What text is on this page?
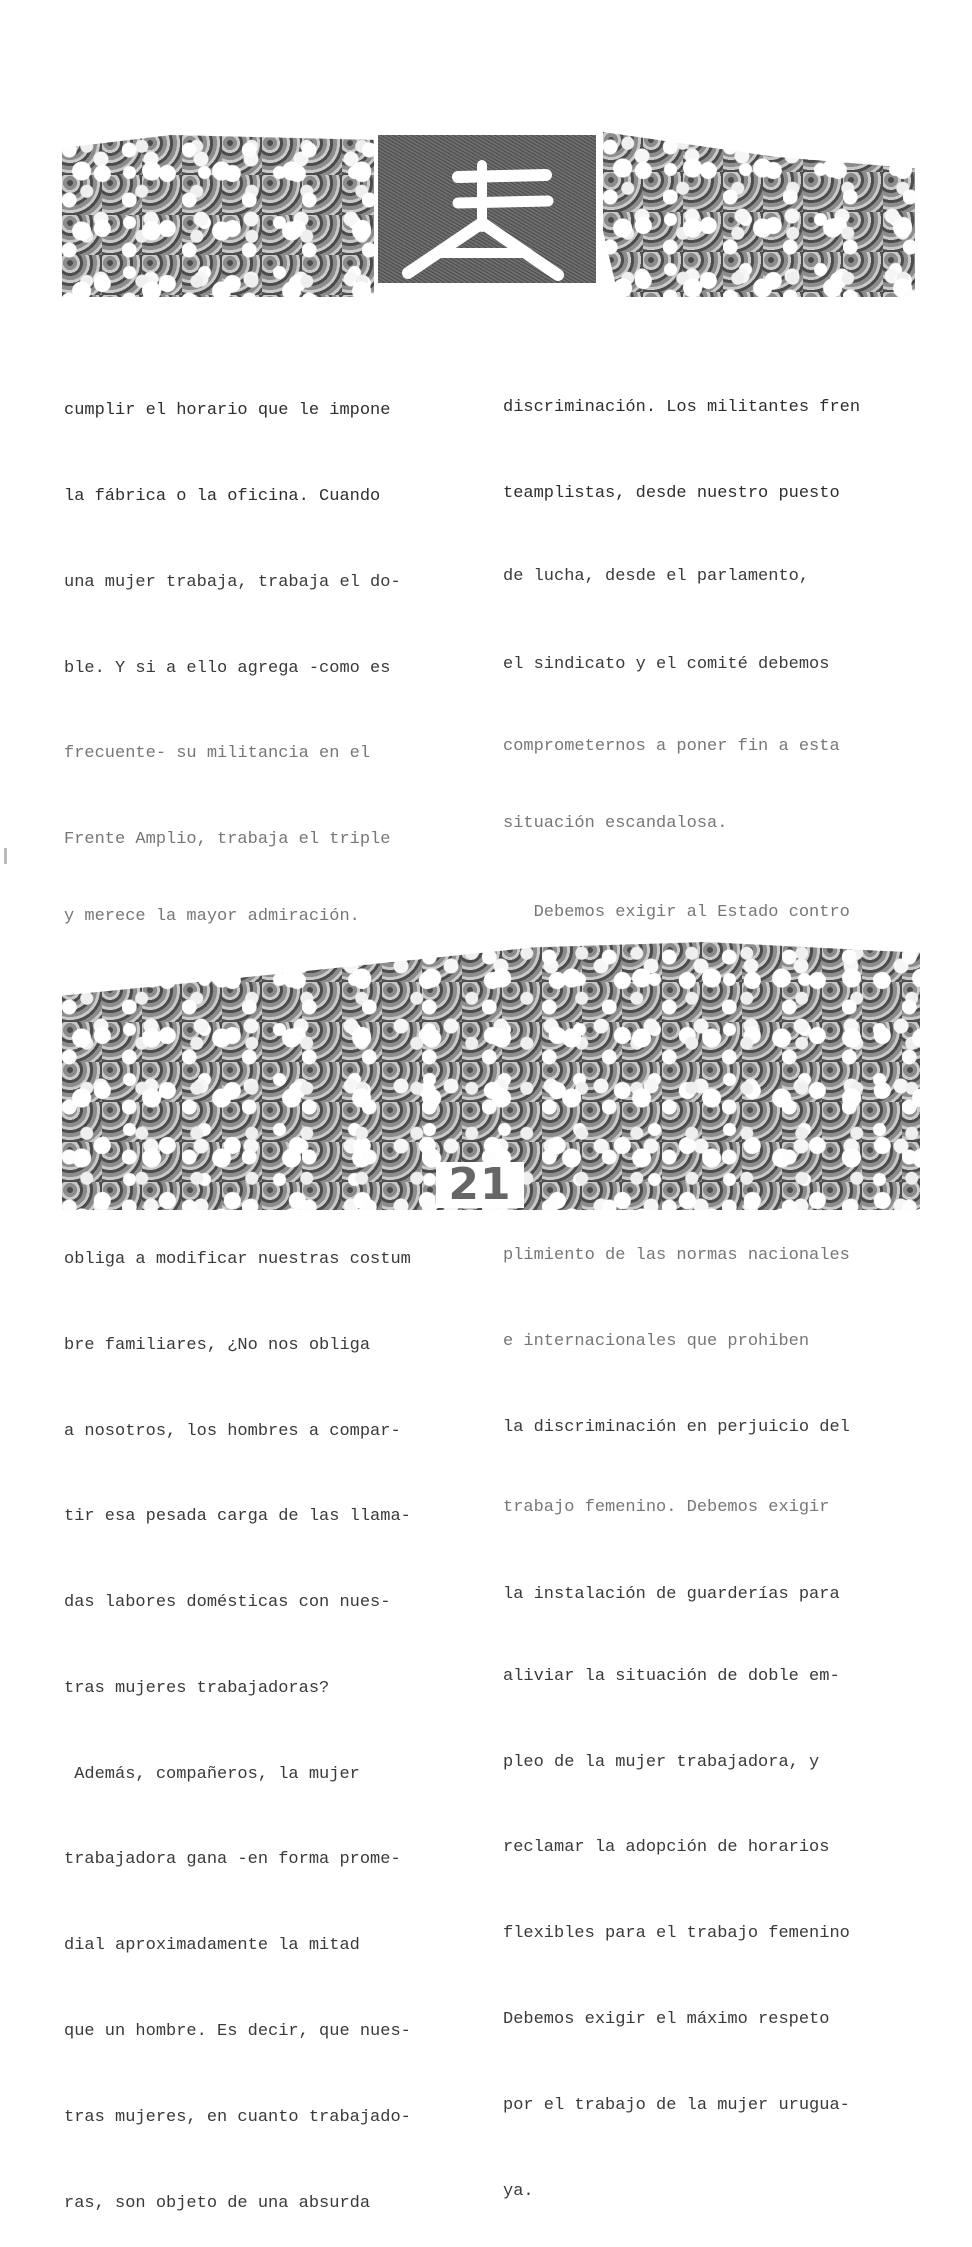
cumplir el horario que le impone

la fábrica o la oficina. Cuando

una mujer trabaja, trabaja el do-

ble. Y si a ello agrega -como es

frecuente- su militancia en el

Frente Amplio, trabaja el triple

y merece la mayor admiración.

obliga a modificar nuestras costum

bre familiares, ¿No nos obliga

a nosotros, los hombres a compar-

tir esa pesada carga de las llama-

das labores domésticas con nues-

tras mujeres trabajadoras?

Además, compañeros, la mujer

trabajadora gana -en forma prome-

dial aproximadamente la mitad

que un hombre. Es decir, que nues-

tras mujeres, en cuanto trabajado-

ras, son objeto de una absurda

discriminación. Los militantes fren

teamplistas, desde nuestro puesto

de lucha, desde el parlamento,

el sindicato y el comité debemos

comprometernos a poner fin a esta

situación escandalosa.

Debemos exigir al Estado contro

plimiento de las normas nacionales

e internacionales que prohiben

la discriminación en perjuicio del

trabajo femenino. Debemos exigir

la instalación de guarderías para

aliviar la situación de doble em-

pleo de la mujer trabajadora, y

reclamar la adopción de horarios

flexibles para el trabajo femenino

Debemos exigir el máximo respeto

por el trabajo de la mujer urugua-

ya.

21
